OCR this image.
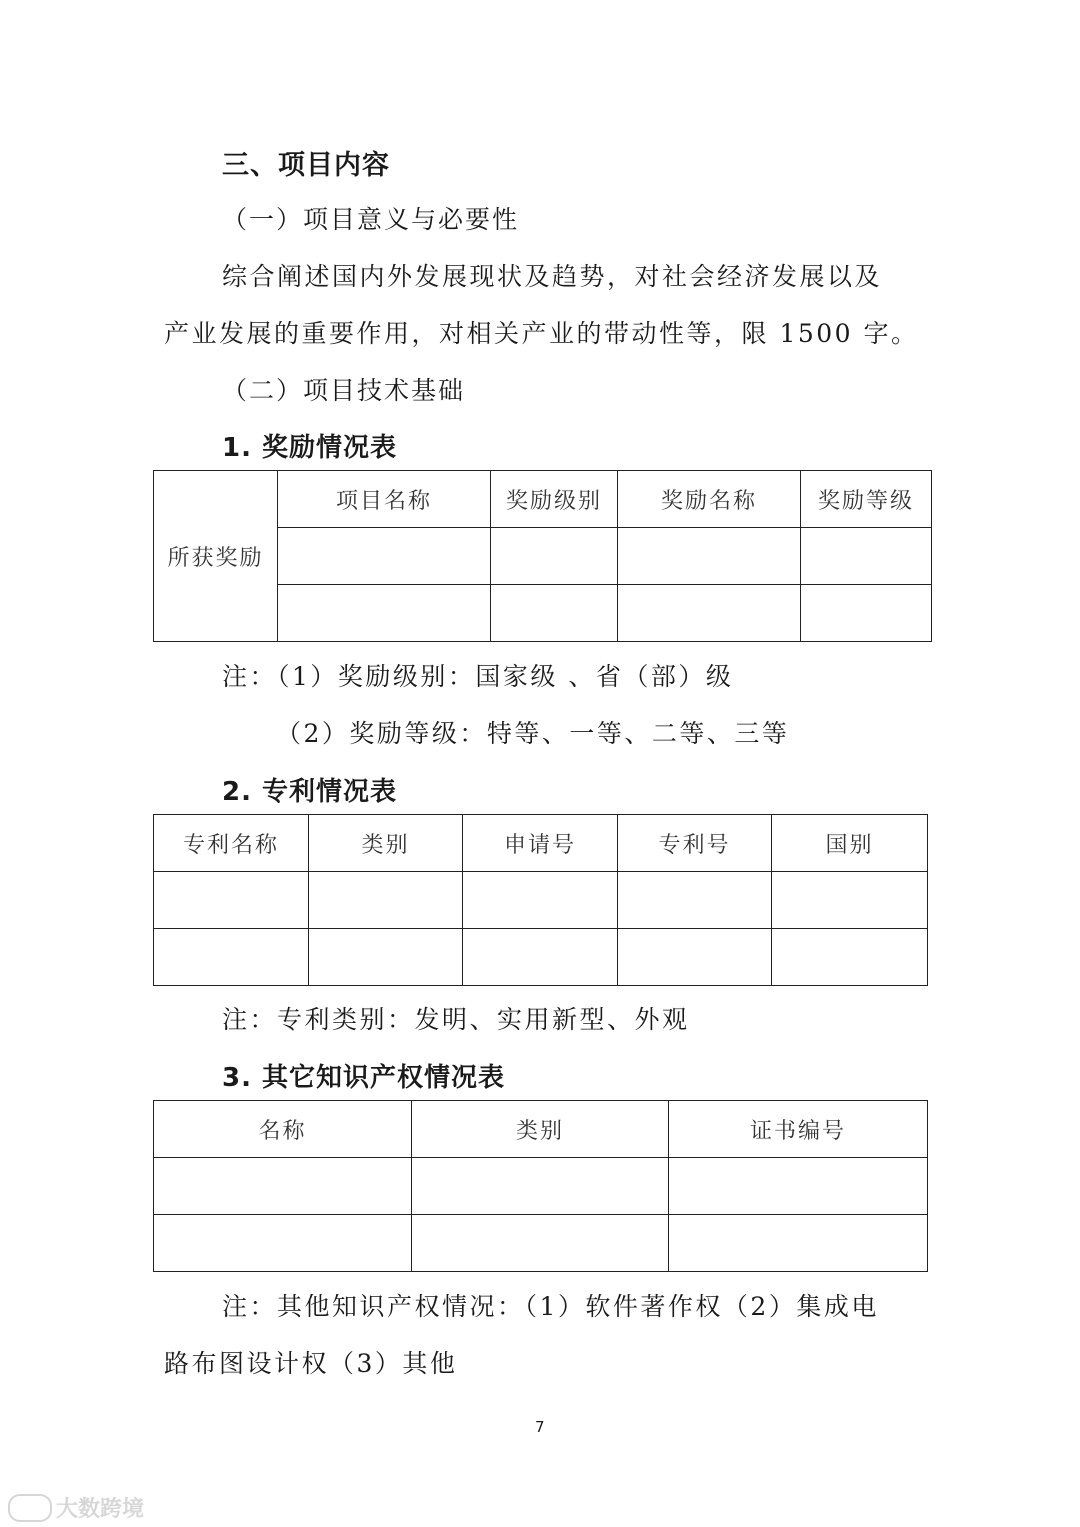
三、项目内容
（一）项目意义与必要性
综合阐述国内外发展现状及趋势，对社会经济发展以及
产业发展的重要作用，对相关产业的带动性等，限 1500 字。
（二）项目技术基础
1. 奖励情况表
所获奖励	项目名称	奖励级别	奖励名称	奖励等级

注：（1）奖励级别：国家级 、省（部）级
（2）奖励等级：特等、一等、二等、三等
2. 专利情况表
专利名称	类别	申请号	专利号	国别

注：专利类别：发明、实用新型、外观
3. 其它知识产权情况表
名称	类别	证书编号

注：其他知识产权情况：（1）软件著作权（2）集成电
路布图设计权（3）其他
7
大数跨境
